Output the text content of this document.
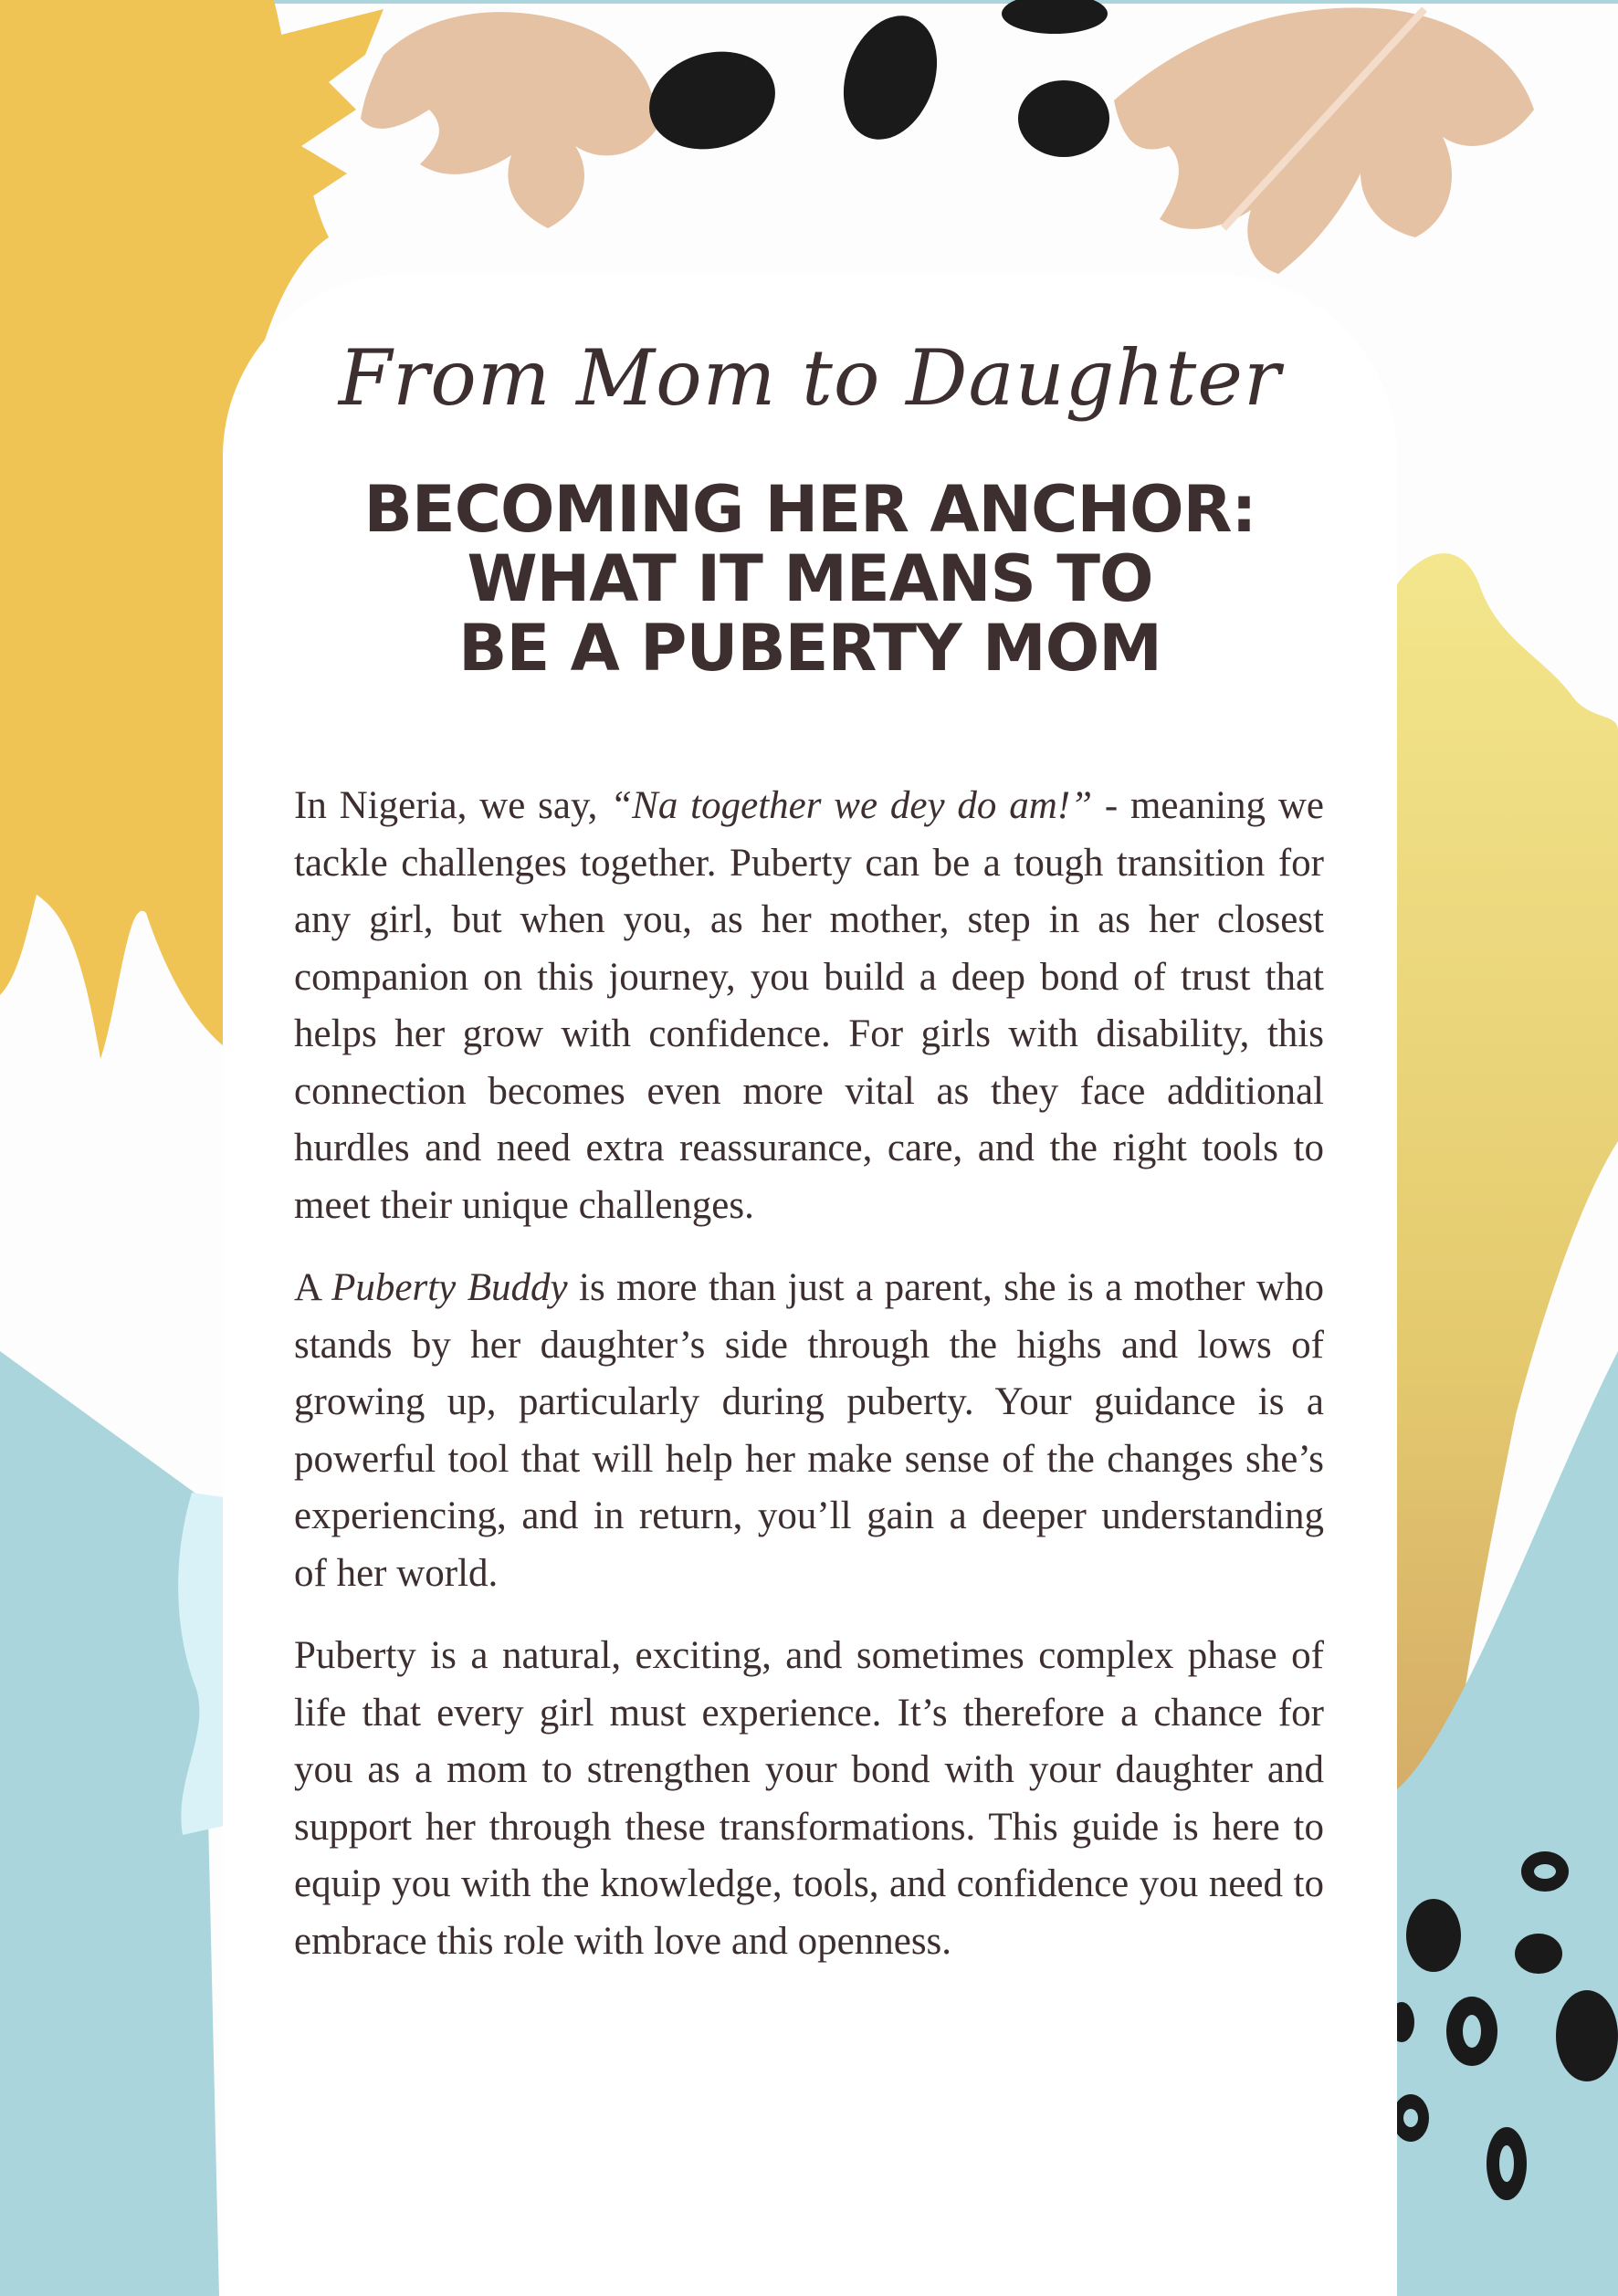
From Mom to Daughter
BECOMING HER ANCHOR:
WHAT IT MEANS TO
BE A PUBERTY MOM

In Nigeria, we say, “Na together we dey do am!” - meaning we tackle challenges together. Puberty can be a tough transition for any girl, but when you, as her mother, step in as her closest companion on this journey, you build a deep bond of trust that helps her grow with confidence. For girls with disability, this connection becomes even more vital as they face additional hurdles and need extra reassurance, care, and the right tools to meet their unique challenges.

A Puberty Buddy is more than just a parent, she is a mother who stands by her daughter’s side through the highs and lows of growing up, particularly during puberty. Your guidance is a powerful tool that will help her make sense of the changes she’s experiencing, and in return, you’ll gain a deeper understanding of her world.

Puberty is a natural, exciting, and sometimes complex phase of life that every girl must experience. It’s therefore a chance for you as a mom to strengthen your bond with your daughter and support her through these transformations. This guide is here to equip you with the knowledge, tools, and confidence you need to embrace this role with love and openness.
